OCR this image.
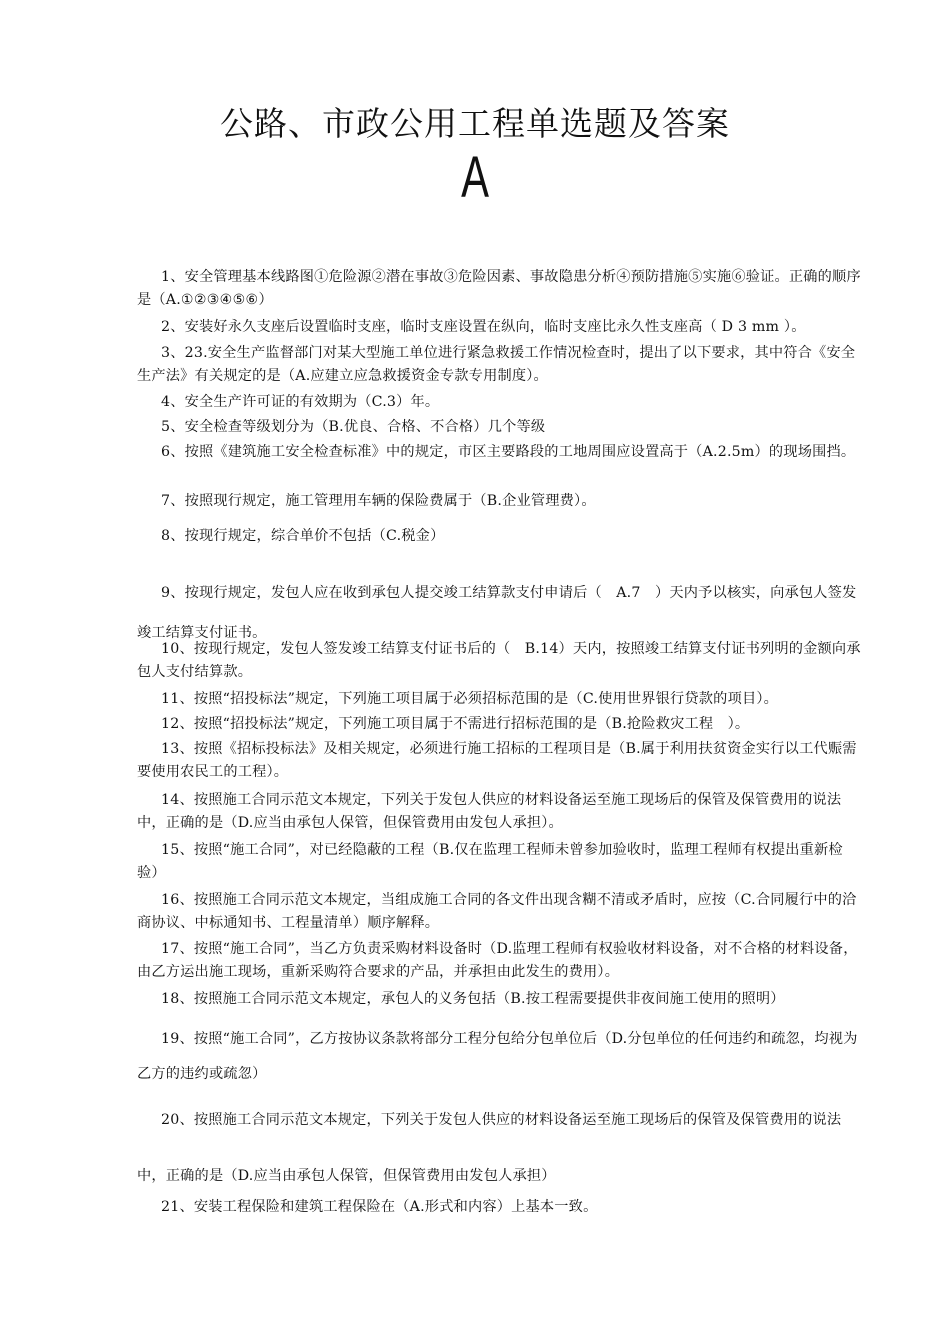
公路、市政公用工程单选题及答案
A
1、安全管理基本线路图①危险源②潜在事故③危险因素、事故隐患分析④预防措施⑤实施⑥验证。正确的顺序是（A.①②③④⑤⑥）
2、安装好永久支座后设置临时支座，临时支座设置在纵向，临时支座比永久性支座高（ D 3 mm ）。
3、23.安全生产监督部门对某大型施工单位进行紧急救援工作情况检查时，提出了以下要求，其中符合《安全生产法》有关规定的是（A.应建立应急救援资金专款专用制度）。
4、安全生产许可证的有效期为（C.3）年。
5、安全检查等级划分为（B.优良、合格、不合格）几个等级
6、按照《建筑施工安全检查标准》中的规定，市区主要路段的工地周围应设置高于（A.2.5m）的现场围挡。
7、按照现行规定，施工管理用车辆的保险费属于（B.企业管理费）。
8、按现行规定，综合单价不包括（C.税金）
9、按现行规定，发包人应在收到承包人提交竣工结算款支付申请后（　A.7　）天内予以核实，向承包人签发竣工结算支付证书。
10、按现行规定，发包人签发竣工结算支付证书后的（　B.14）天内，按照竣工结算支付证书列明的金额向承包人支付结算款。
11、按照“招投标法”规定，下列施工项目属于必须招标范围的是（C.使用世界银行贷款的项目）。
12、按照“招投标法”规定，下列施工项目属于不需进行招标范围的是（B.抢险救灾工程　）。
13、按照《招标投标法》及相关规定，必须进行施工招标的工程项目是（B.属于利用扶贫资金实行以工代赈需要使用农民工的工程）。
14、按照施工合同示范文本规定，下列关于发包人供应的材料设备运至施工现场后的保管及保管费用的说法中，正确的是（D.应当由承包人保管，但保管费用由发包人承担）。
15、按照“施工合同”，对已经隐蔽的工程（B.仅在监理工程师未曾参加验收时，监理工程师有权提出重新检验）
16、按照施工合同示范文本规定，当组成施工合同的各文件出现含糊不清或矛盾时，应按（C.合同履行中的洽商协议、中标通知书、工程量清单）顺序解释。
17、按照“施工合同”，当乙方负责采购材料设备时（D.监理工程师有权验收材料设备，对不合格的材料设备，由乙方运出施工现场，重新采购符合要求的产品，并承担由此发生的费用）。
18、按照施工合同示范文本规定，承包人的义务包括（B.按工程需要提供非夜间施工使用的照明）
19、按照“施工合同”，乙方按协议条款将部分工程分包给分包单位后（D.分包单位的任何违约和疏忽，均视为乙方的违约或疏忽）
20、按照施工合同示范文本规定，下列关于发包人供应的材料设备运至施工现场后的保管及保管费用的说法中，正确的是（D.应当由承包人保管，但保管费用由发包人承担）
21、安装工程保险和建筑工程保险在（A.形式和内容）上基本一致。
